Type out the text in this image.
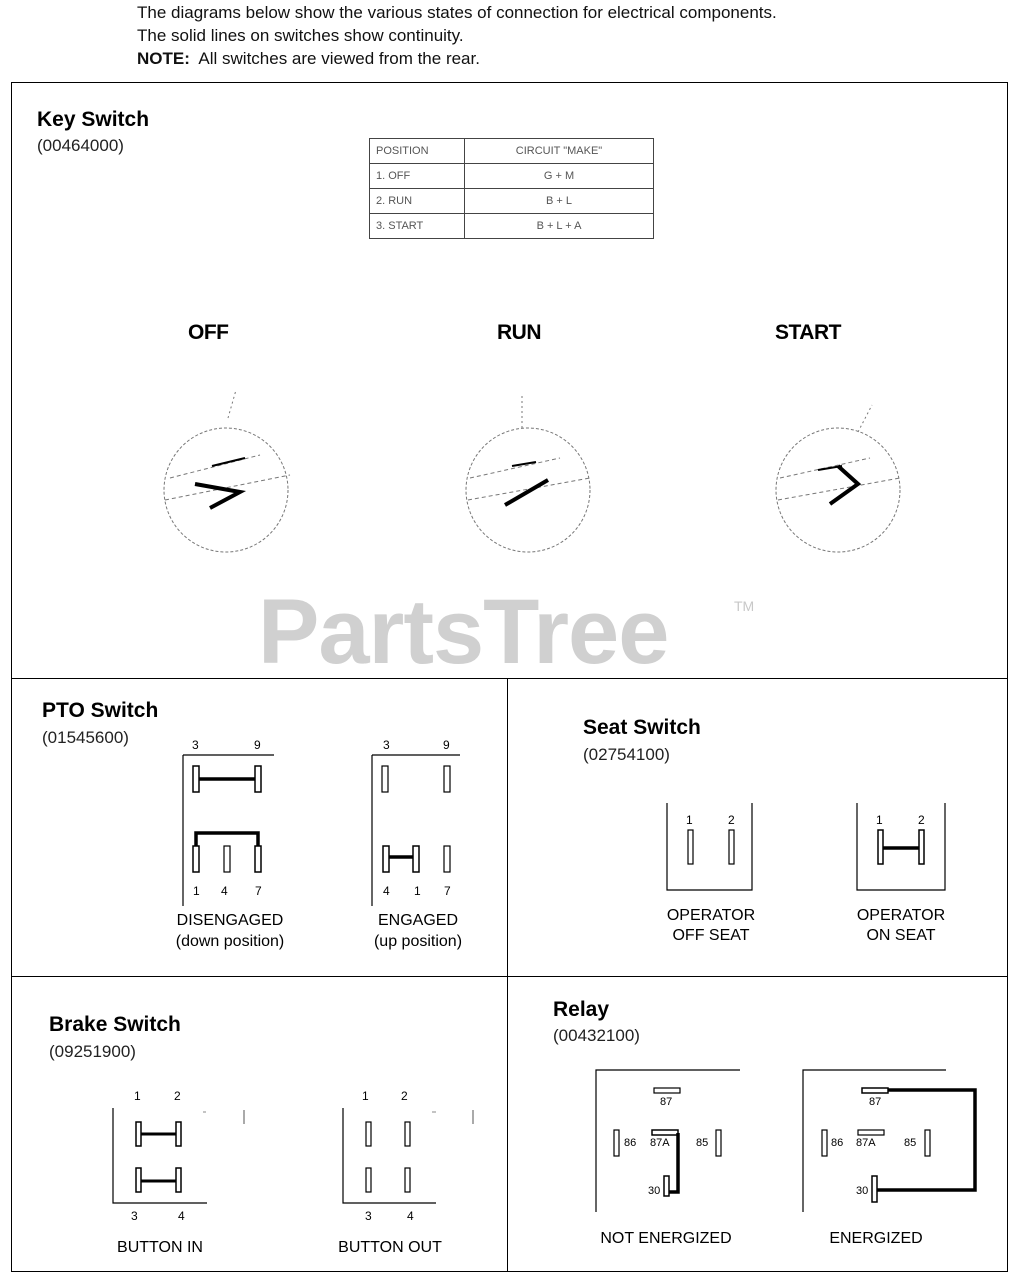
The diagrams below show the various states of connection for electrical components.
The solid lines on switches show continuity.
NOTE: All switches are viewed from the rear.
PartsTree	TM
Key Switch
(00464000)	POSITION	CIRCUIT "MAKE"
1. OFF	G + M
2. RUN	B + L
3. START	B + L + A
OFF	RUN	START
PTO Switch
(01545600)	3	9
1 4 7
DISENGAGED
(down position)
3	9
4 1 7
ENGAGED
(up position)
Seat Switch
(02754100)
1	2
OPERATOR
OFF SEAT
1	2
OPERATOR
ON SEAT
Brake Switch
(09251900)
1	2
3	4
BUTTON IN
1	2
3	4
BUTTON OUT
Relay
(00432100)
87
86 87A 85
30
NOT ENERGIZED
87
86 87A	85
30
ENERGIZED
